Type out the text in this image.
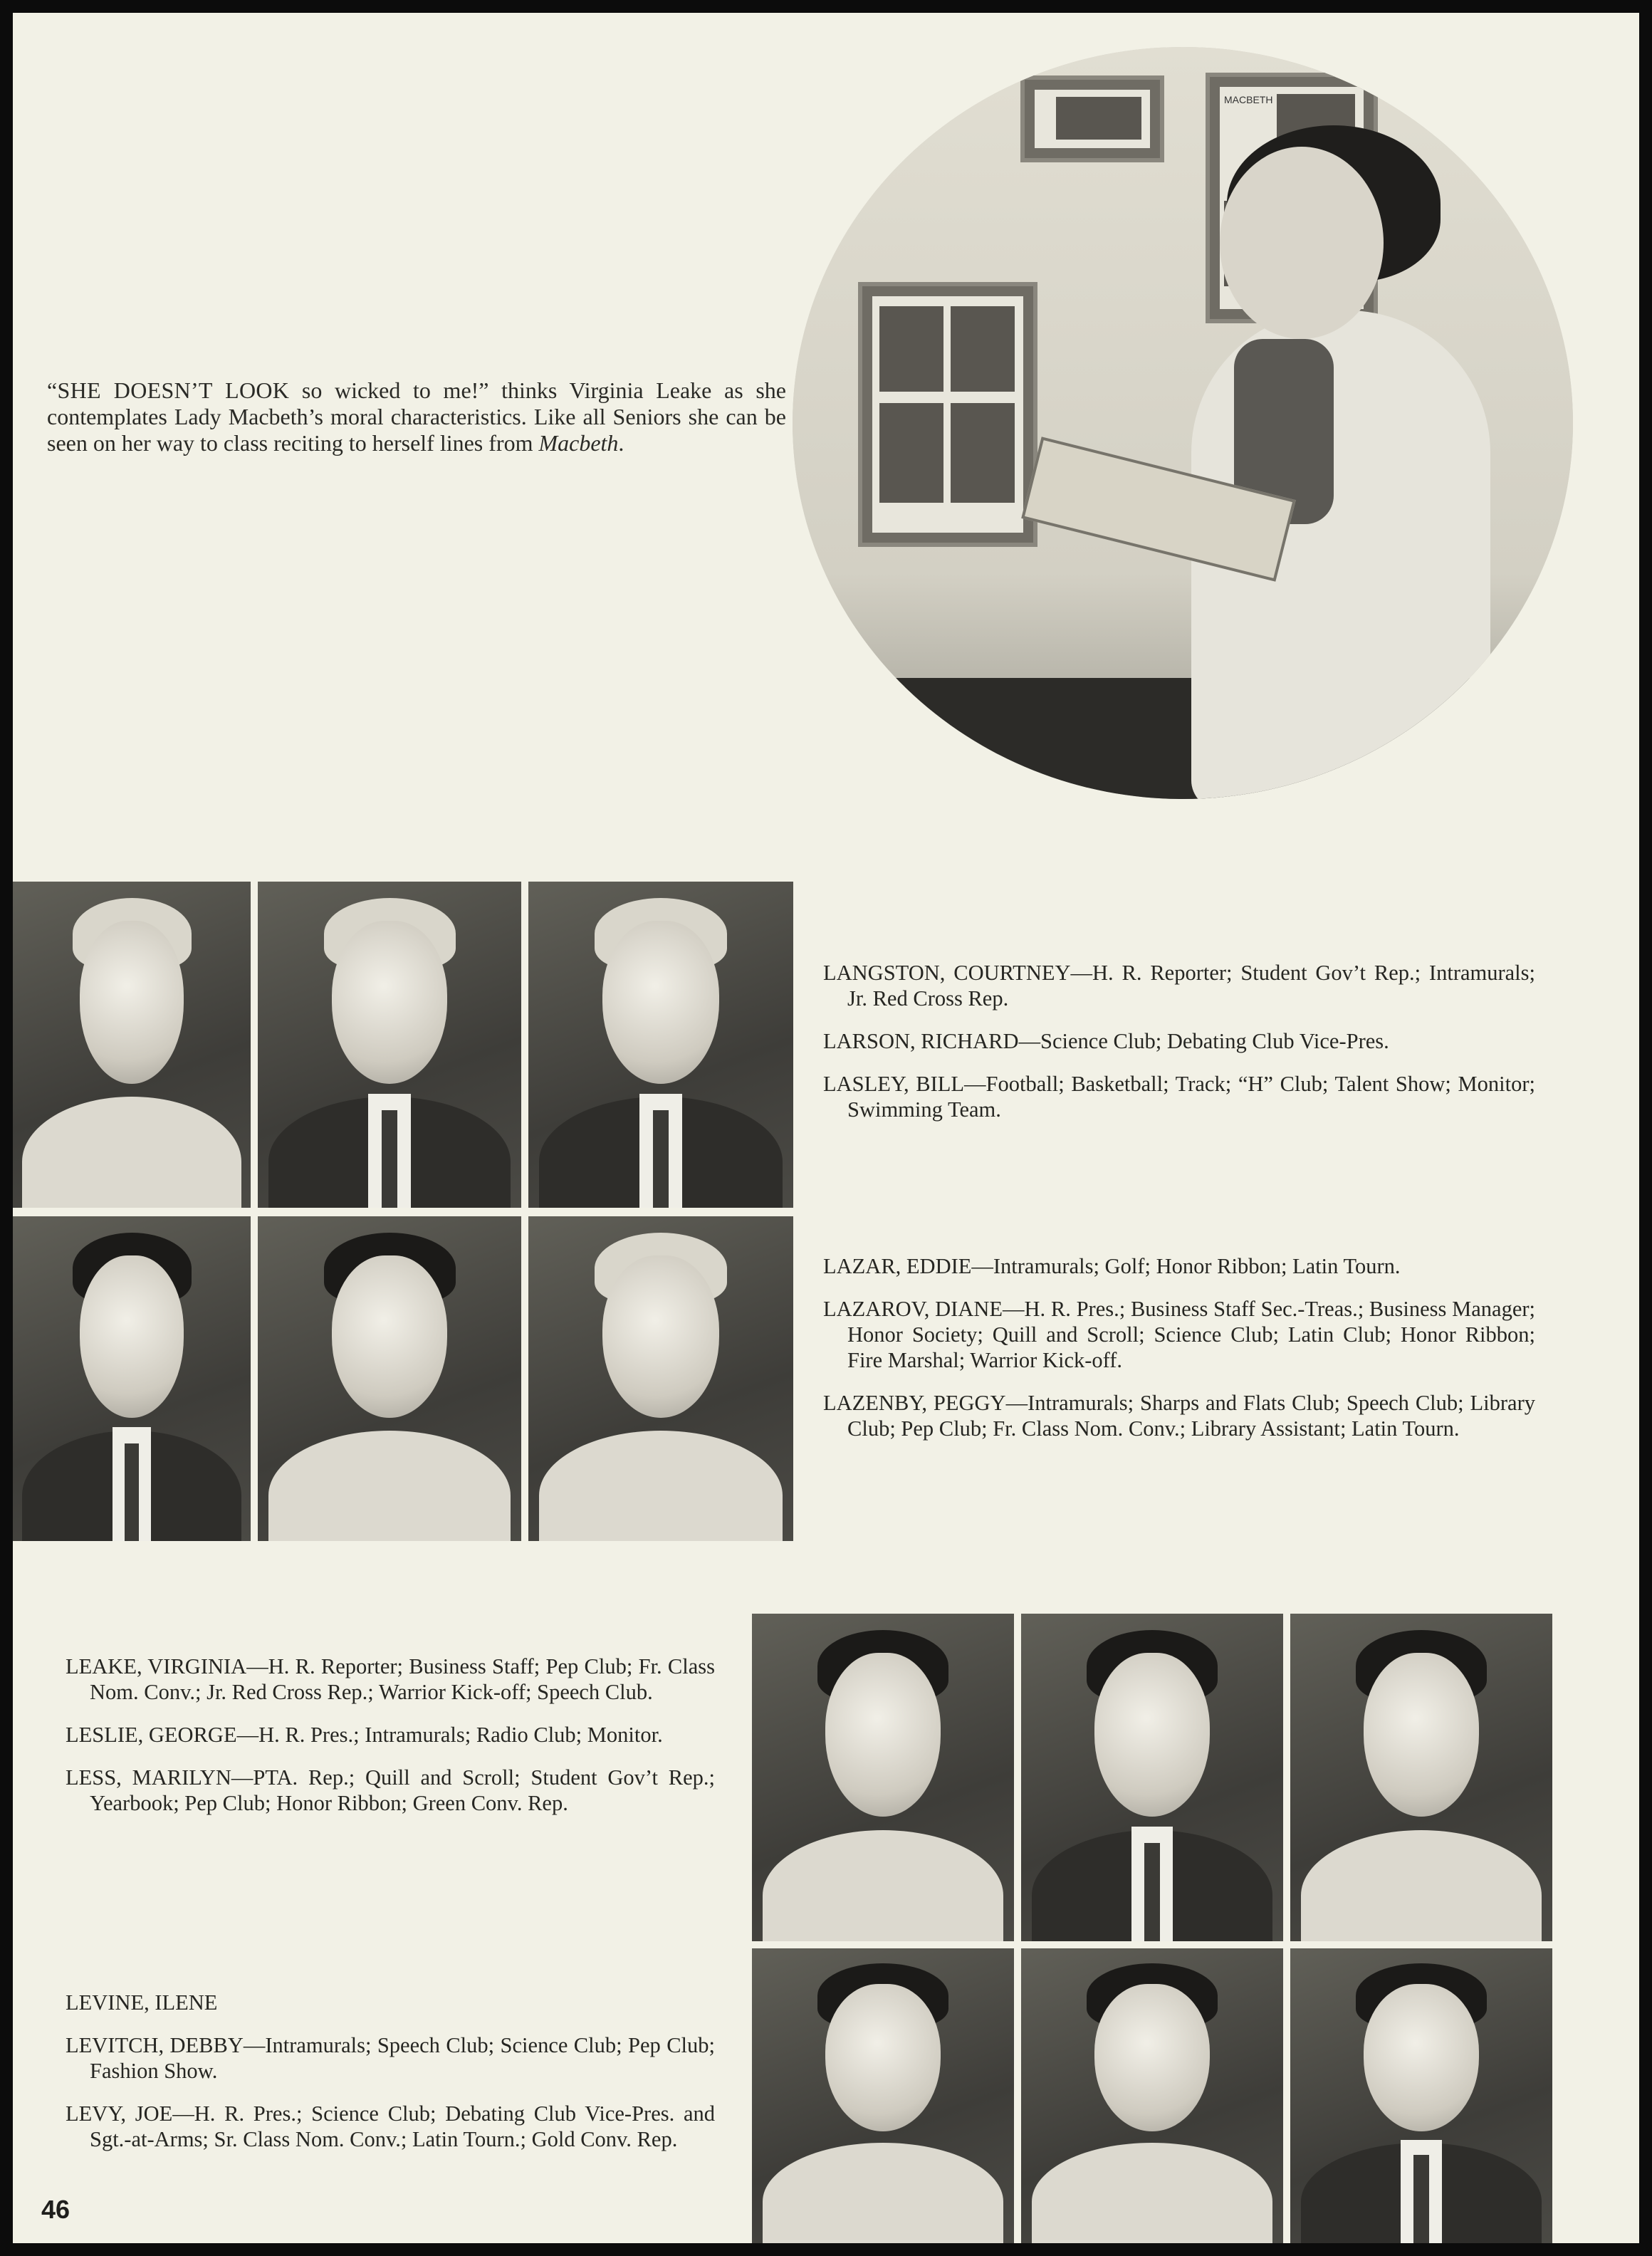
“SHE DOESN’T LOOK so wicked to me!” thinks Virginia Leake as she contemplates Lady Macbeth’s moral characteristics. Like all Seniors she can be seen on her way to class reciting to herself lines from Macbeth.
MACBETH
LANGSTON, COURTNEY—H. R. Reporter; Student Gov’t Rep.; Intramurals; Jr. Red Cross Rep.
LARSON, RICHARD—Science Club; Debating Club Vice-Pres.
LASLEY, BILL—Football; Basketball; Track; “H” Club; Talent Show; Monitor; Swimming Team.
LAZAR, EDDIE—Intramurals; Golf; Honor Ribbon; Latin Tourn.
LAZAROV, DIANE—H. R. Pres.; Business Staff Sec.-Treas.; Business Manager; Honor Society; Quill and Scroll; Science Club; Latin Club; Honor Ribbon; Fire Marshal; Warrior Kick-off.
LAZENBY, PEGGY—Intramurals; Sharps and Flats Club; Speech Club; Library Club; Pep Club; Fr. Class Nom. Conv.; Library Assistant; Latin Tourn.
LEAKE, VIRGINIA—H. R. Reporter; Business Staff; Pep Club; Fr. Class Nom. Conv.; Jr. Red Cross Rep.; Warrior Kick-off; Speech Club.
LESLIE, GEORGE—H. R. Pres.; Intramurals; Radio Club; Monitor.
LESS, MARILYN—PTA. Rep.; Quill and Scroll; Student Gov’t Rep.; Yearbook; Pep Club; Honor Ribbon; Green Conv. Rep.
LEVINE, ILENE
LEVITCH, DEBBY—Intramurals; Speech Club; Science Club; Pep Club; Fashion Show.
LEVY, JOE—H. R. Pres.; Science Club; Debating Club Vice-Pres. and Sgt.-at-Arms; Sr. Class Nom. Conv.; Latin Tourn.; Gold Conv. Rep.
46
